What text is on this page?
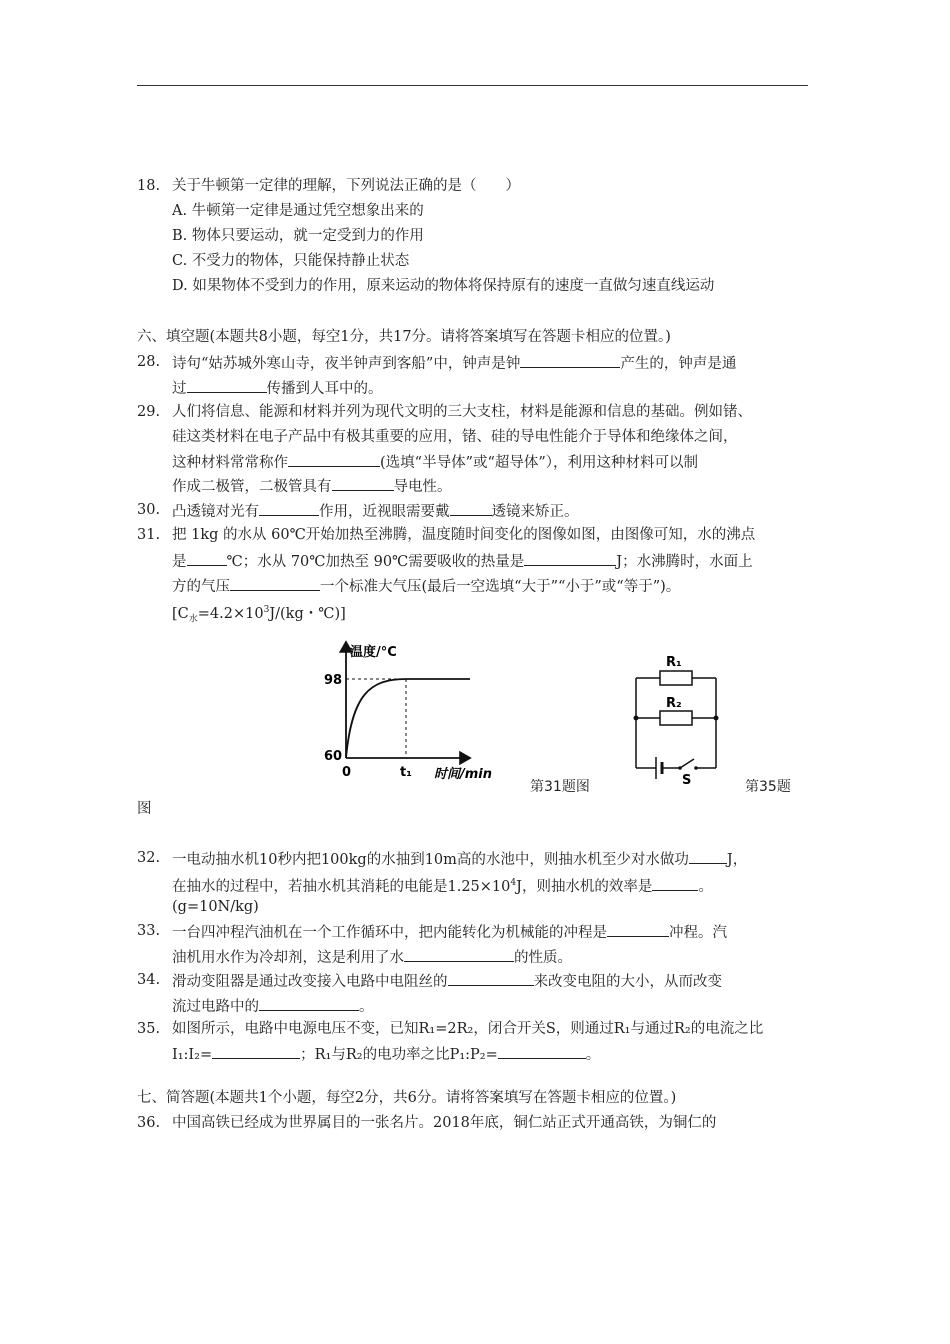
18. 关于牛顿第一定律的理解，下列说法正确的是（　　）
A. 牛顿第一定律是通过凭空想象出来的
B. 物体只要运动，就一定受到力的作用
C. 不受力的物体，只能保持静止状态
D. 如果物体不受到力的作用，原来运动的物体将保持原有的速度一直做匀速直线运动
六、填空题(本题共8小题，每空1分，共17分。请将答案填写在答题卡相应的位置。)
28. 诗句“姑苏城外寒山寺，夜半钟声到客船”中，钟声是钟	产生的，钟声是通
过	传播到人耳中的。
29. 人们将信息、能源和材料并列为现代文明的三大支柱，材料是能源和信息的基础。例如锗、
硅这类材料在电子产品中有极其重要的应用，锗、硅的导电性能介于导体和绝缘体之间，
这种材料常常称作	(选填“半导体”或“超导体”），利用这种材料可以制
作成二极管，二极管具有	导电性。
30. 凸透镜对光有	作用，近视眼需要戴	透镜来矫正。
31. 把 1kg 的水从 60℃开始加热至沸腾，温度随时间变化的图像如图，由图像可知，水的沸点
是	℃；水从 70℃加热至 90℃需要吸收的热量是	J；水沸腾时，水面上
方的气压	一个标准大气压(最后一空选填“大于”“小于”或“等于”)。
[$C_水=4.2\times 10^3J/(kg$・℃)]
温度/°C
98
60
0	t₁ 时间/min
第31题图
R₁
R₂
S	第35题
图
32. 一电动抽水机10秒内把100kg的水抽到10m高的水池中，则抽水机至少对水做功	J，
在抽水的过程中，若抽水机其消耗的电能是$1.25\times 10^4J$，则抽水机的效率是	。
(g=10N/kg)
33. 一台四冲程汽油机在一个工作循环中，把内能转化为机械能的冲程是	冲程。汽
油机用水作为冷却剂，这是利用了水	的性质。
34. 滑动变阻器是通过改变接入电路中电阻丝的	来改变电阻的大小，从而改变
流过电路中的	。
35. 如图所示，电路中电源电压不变，已知R₁=2R₂，闭合开关S，则通过R₁与通过R₂的电流之比
I₁:I₂=	；R₁与R₂的电功率之比P₁:P₂=	。
七、简答题(本题共1个小题，每空2分，共6分。请将答案填写在答题卡相应的位置。)
36. 中国高铁已经成为世界属目的一张名片。2018年底，铜仁站正式开通高铁，为铜仁的
